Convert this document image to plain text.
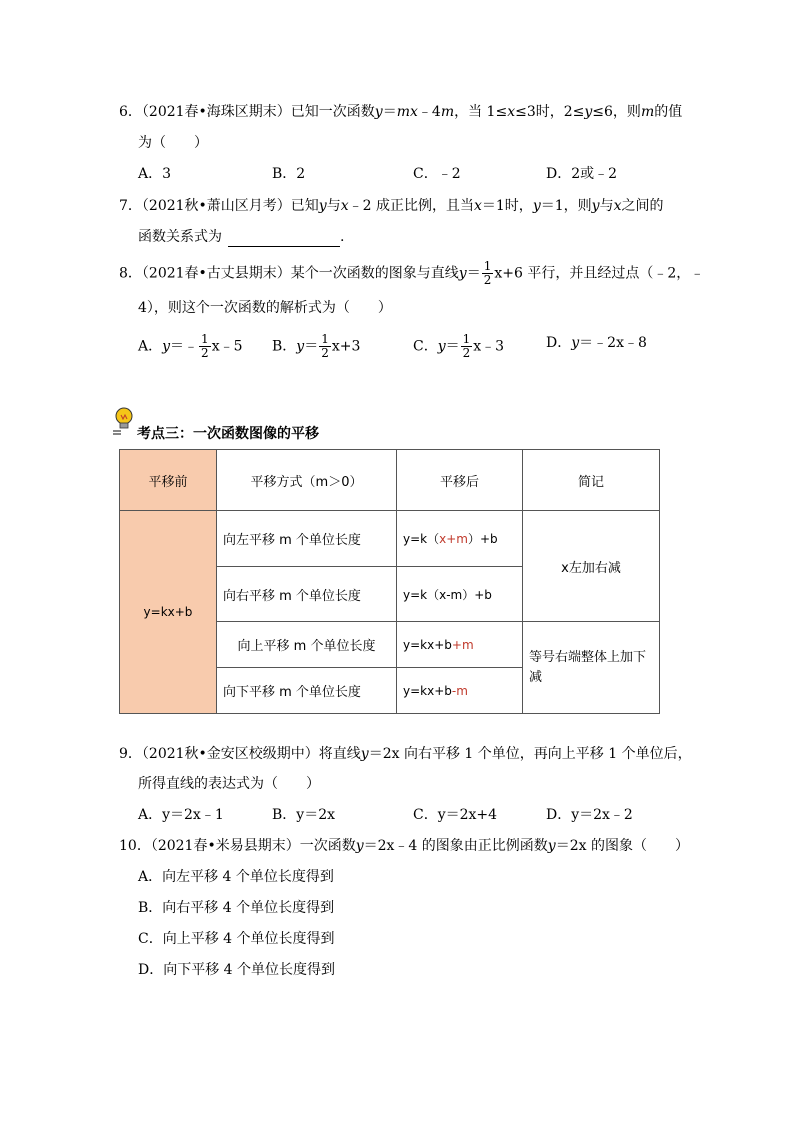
6．（2021春•海珠区期末）已知一次函数y＝mx﹣4m，当 1≤x≤3时，2≤y≤6，则m的值
为（　　）
A．3	B．2	C．﹣2	D．2或﹣2
7．（2021秋•萧山区月考）已知y与x﹣2 成正比例，且当x＝1时，y＝1，则y与x之间的
函数关系式为	.
8．（2021春•古丈县期末）某个一次函数的图象与直线$y= \frac{1}{2} x+6$ 平行，并且经过点（﹣2，﹣
4），则这个一次函数的解析式为（　　）
A．y＝﹣ $\frac{1}{2}$ x﹣5 B．$y= \frac{1}{2} x+3$	C．$y= \frac{1}{2}$ x﹣3	D．y＝﹣2x﹣8
考点三：一次函数图像的平移
平移前	平移方式（m＞0）	平移后	简记
y=kx+b	向左平移 m 个单位长度	y=k（x+m）+b	x左加右减
	向右平移 m 个单位长度	y=k（x-m）+b	
	向上平移 m 个单位长度	y=kx+b+m	等号右端整体上加下减

	向下平移 m 个单位长度	y=kx+b-m	
9．（2021秋•金安区校级期中）将直线y＝2x 向右平移 1 个单位，再向上平移 1 个单位后，
所得直线的表达式为（　　）
A．y＝2x﹣1	B．y＝2x	C．y＝2x+4	D．y＝2x﹣2
10．（2021春•米易县期末）一次函数y＝2x﹣4 的图象由正比例函数y＝2x 的图象（　　）
A．向左平移 4 个单位长度得到
B．向右平移 4 个单位长度得到
C．向上平移 4 个单位长度得到
D．向下平移 4 个单位长度得到
